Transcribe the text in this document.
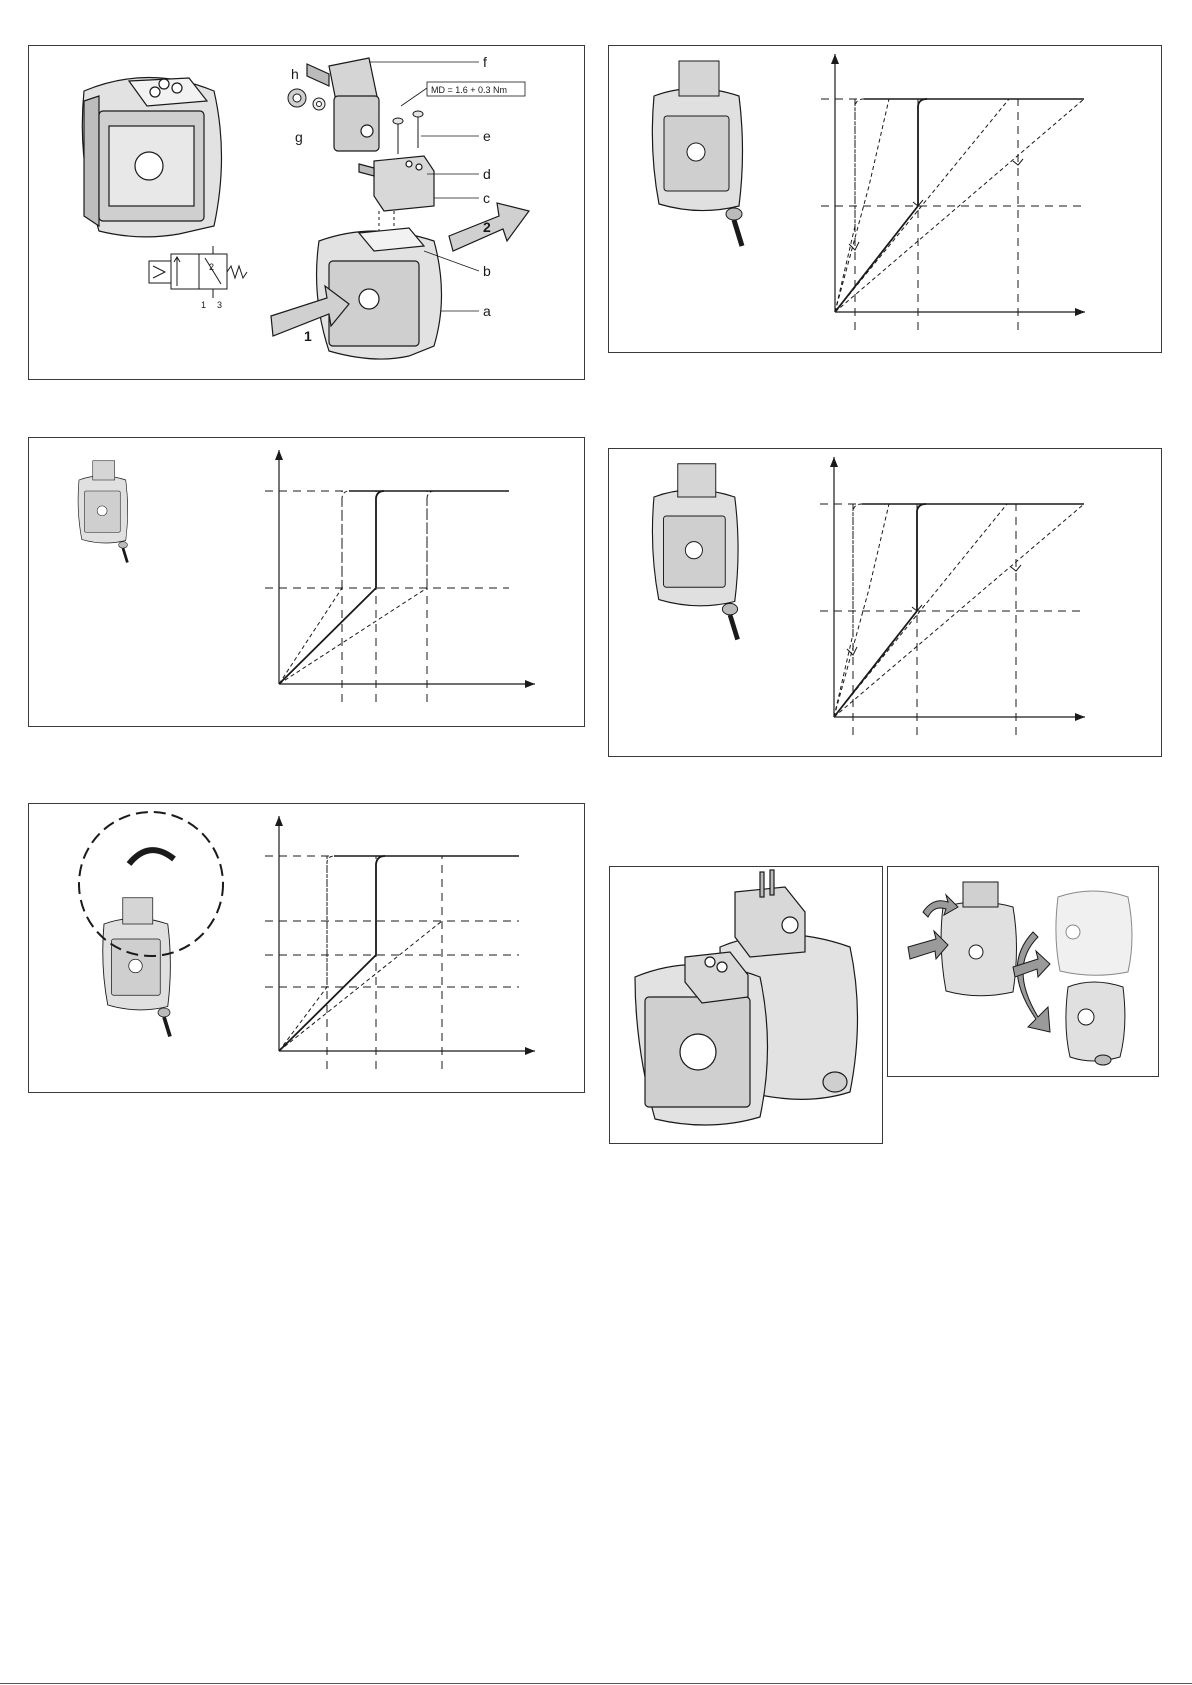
2
1 3
1
2
f
e
d
c
b
a
h
g
MD = 1.6 + 0.3 Nm
